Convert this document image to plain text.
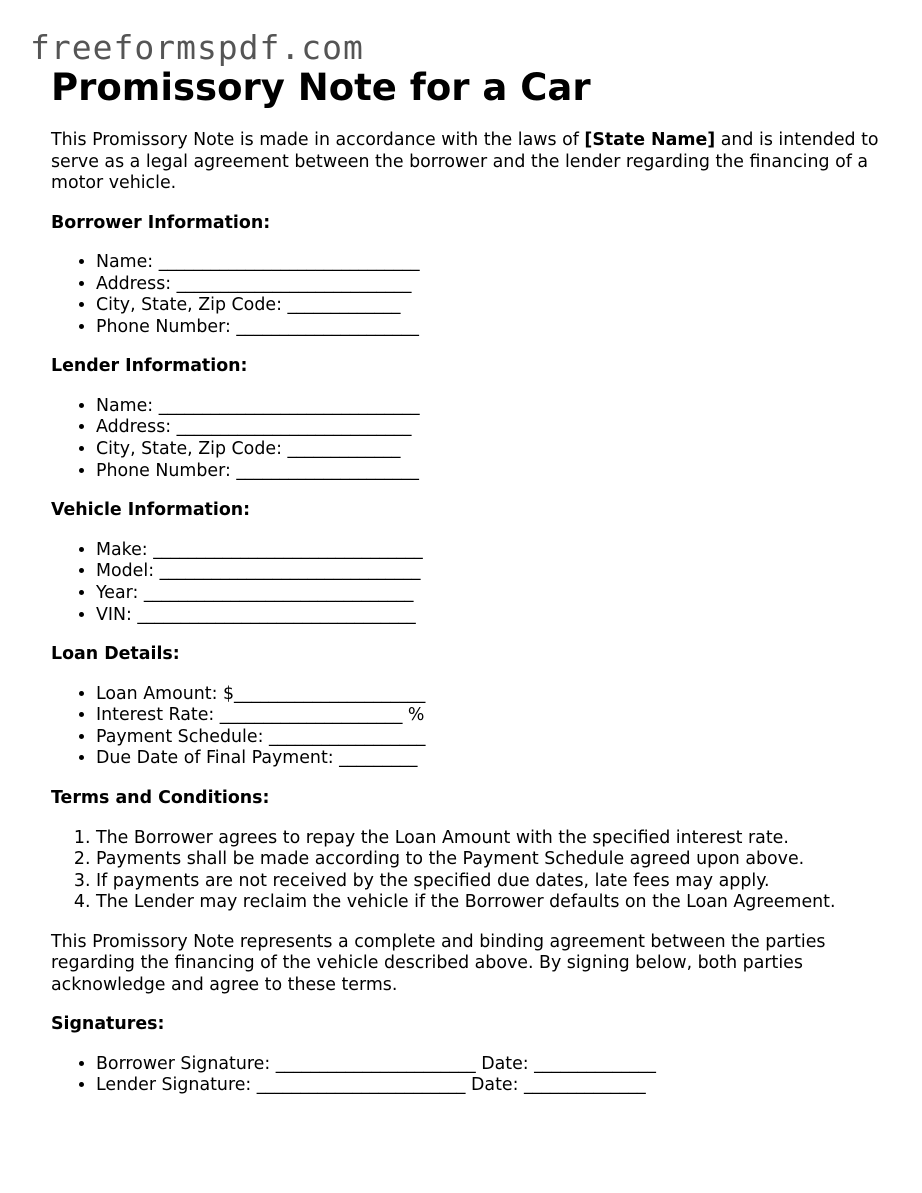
freeformspdf.com
Promissory Note for a Car

This Promissory Note is made in accordance with the laws of [State Name] and is intended to serve as a legal agreement between the borrower and the lender regarding the financing of a motor vehicle.

Borrower Information:
• Name: ______________________________
• Address: ___________________________
• City, State, Zip Code: _____________
• Phone Number: _____________________
Lender Information:
• Name: ______________________________
• Address: ___________________________
• City, State, Zip Code: _____________
• Phone Number: _____________________
Vehicle Information:
• Make: _______________________________
• Model: ______________________________
• Year: _______________________________
• VIN: ________________________________
Loan Details:
• Loan Amount: $______________________
• Interest Rate: _____________________ %
• Payment Schedule: __________________
• Due Date of Final Payment: _________
Terms and Conditions:
1. The Borrower agrees to repay the Loan Amount with the specified interest rate.
2. Payments shall be made according to the Payment Schedule agreed upon above.
3. If payments are not received by the specified due dates, late fees may apply.
4. The Lender may reclaim the vehicle if the Borrower defaults on the Loan Agreement.

This Promissory Note represents a complete and binding agreement between the parties regarding the financing of the vehicle described above. By signing below, both parties acknowledge and agree to these terms.

Signatures:
• Borrower Signature: _______________________ Date: ______________
• Lender Signature: ________________________ Date: ______________
